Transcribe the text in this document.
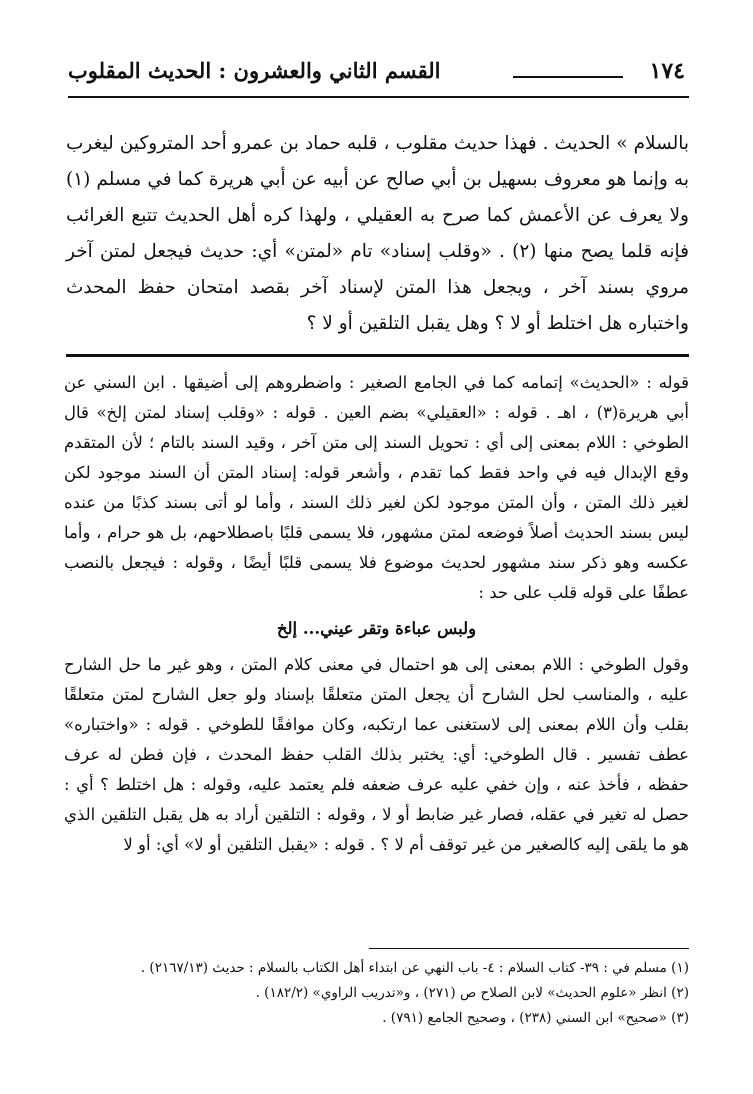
١٧٤
القسم الثاني والعشرون : الحديث المقلوب

بالسلام » الحديث . فهذا حديث مقلوب ، قلبه حماد بن عمرو أحد المتروكين ليغرب به وإنما هو معروف بسهيل بن أبي صالح عن أبيه عن أبي هريرة كما في مسلم (١) ولا يعرف عن الأعمش كما صرح به العقيلي ، ولهذا كره أهل الحديث تتبع الغرائب فإنه قلما يصح منها (٢) . «وقلب إسناد» تام «لمتن» أي: حديث فيجعل لمتن آخر مروي بسند آخر ، ويجعل هذا المتن لإسناد آخر بقصد امتحان حفظ المحدث واختباره هل اختلط أو لا ؟ وهل يقبل التلقين أو لا ؟

قوله : «الحديث» إتمامه كما في الجامع الصغير : واضطروهم إلى أضيقها . ابن السني عن أبي هريرة(٣) ، اهـ . قوله : «العقيلي» بضم العين . قوله : «وقلب إسناد لمتن إلخ» قال الطوخي : اللام بمعنى إلى أي : تحويل السند إلى متن آخر ، وقيد السند بالتام ؛ لأن المتقدم وقع الإبدال فيه في واحد فقط كما تقدم ، وأشعر قوله: إسناد المتن أن السند موجود لكن لغير ذلك المتن ، وأن المتن موجود لكن لغير ذلك السند ، وأما لو أتى بسند كذبًا من عنده ليس بسند الحديث أصلاً فوضعه لمتن مشهور، فلا يسمى قلبًا باصطلاحهم، بل هو حرام ، وأما عكسه وهو ذكر سند مشهور لحديث موضوع فلا يسمى قلبًا أيضًا ، وقوله : فيجعل بالنصب عطفًا على قوله قلب على حد :

ولبس عباءة وتقر عيني... إلخ

وقول الطوخي : اللام بمعنى إلى هو احتمال في معنى كلام المتن ، وهو غير ما حل الشارح عليه ، والمناسب لحل الشارح أن يجعل المتن متعلقًا بإسناد ولو جعل الشارح لمتن متعلقًا بقلب وأن اللام بمعنى إلى لاستغنى عما ارتكبه، وكان موافقًا للطوخي . قوله : «واختباره» عطف تفسير . قال الطوخي: أي: يختبر بذلك القلب حفظ المحدث ، فإن فطن له عرف حفظه ، فأخذ عنه ، وإن خفي عليه عرف ضعفه فلم يعتمد عليه، وقوله : هل اختلط ؟ أي : حصل له تغير في عقله، فصار غير ضابط أو لا ، وقوله : التلقين أراد به هل يقبل التلقين الذي هو ما يلقى إليه كالصغير من غير توقف أم لا ؟ . قوله : «يقبل التلقين أو لا» أي: أو لا

(١) مسلم في : ٣٩- كتاب السلام : ٤- باب النهي عن ابتداء أهل الكتاب بالسلام : حديث (٢١٦٧/١٣) .

(٢) انظر «علوم الحديث» لابن الصلاح ص (٢٧١) ، و«تدريب الراوي» (١٨٢/٢) .

(٣) «صحيح» ابن السني (٢٣٨) ، وصحيح الجامع (٧٩١) .
